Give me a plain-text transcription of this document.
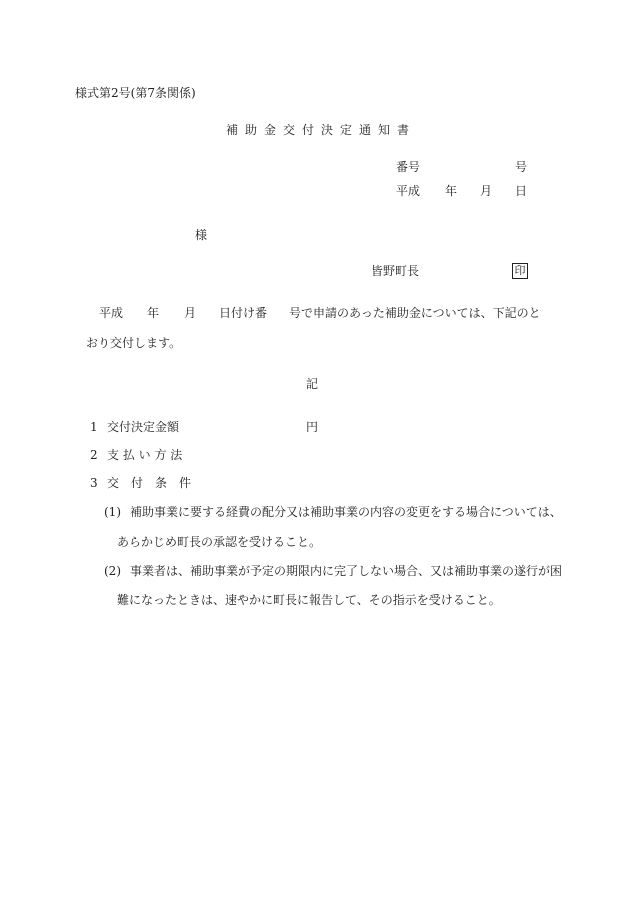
様式第2号(第7条関係)
補助金交付決定通知書
番号	号
平成 年 月 日
様
皆野町長	印
平成 年 月 日付け番 号で申請のあった補助金については、下記のと
おり交付します。
記
1 交付決定金額	円
2 支 払 い 方 法
3 交　付　条　件
(1) 補助事業に要する経費の配分又は補助事業の内容の変更をする場合については、
あらかじめ町長の承認を受けること。
(2) 事業者は、補助事業が予定の期限内に完了しない場合、又は補助事業の遂行が困
難になったときは、速やかに町長に報告して、その指示を受けること。
